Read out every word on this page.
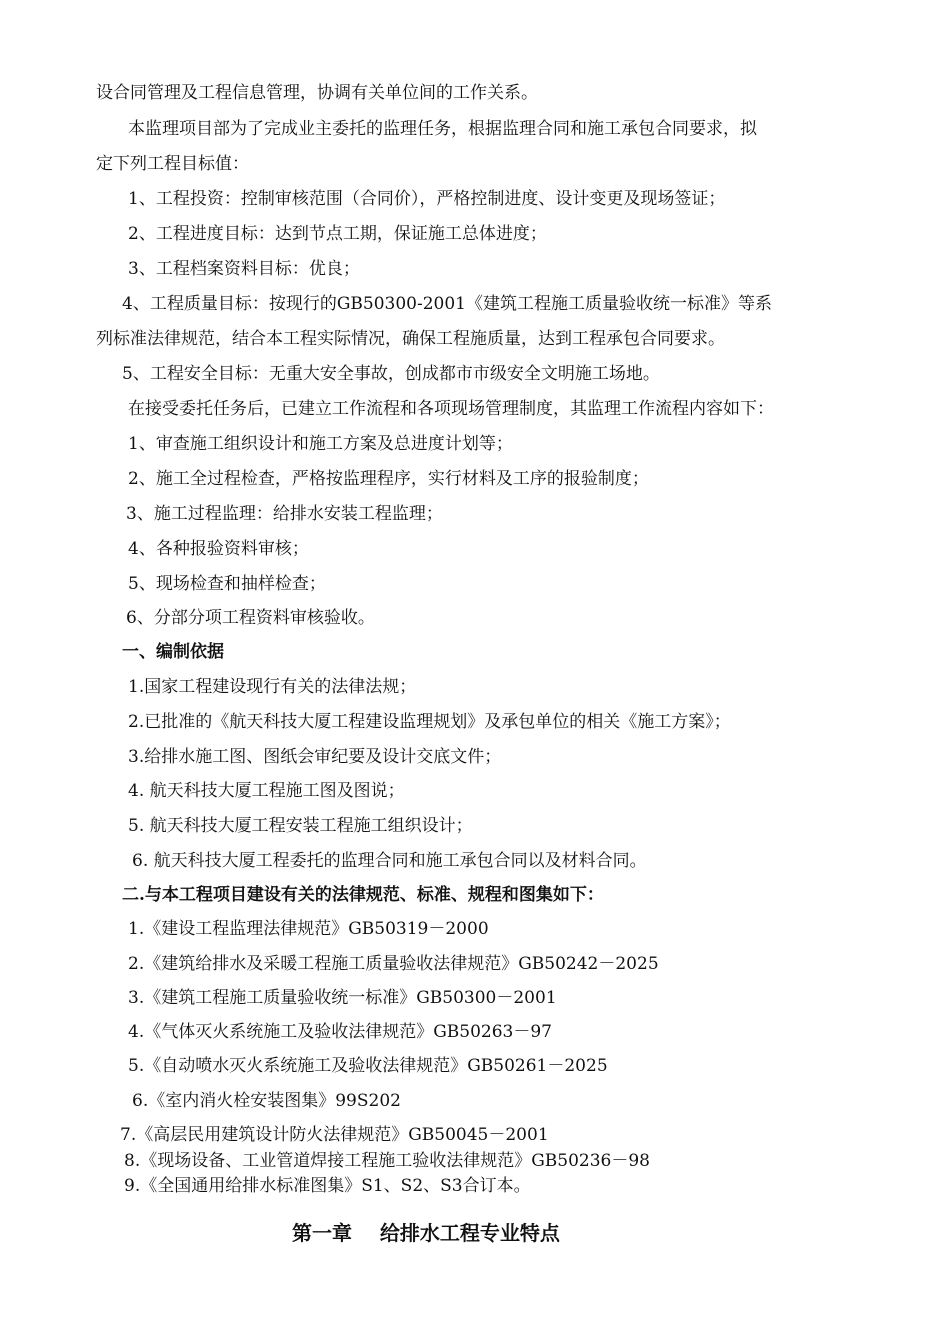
设合同管理及工程信息管理，协调有关单位间的工作关系。
本监理项目部为了完成业主委托的监理任务，根据监理合同和施工承包合同要求，拟
定下列工程目标值：
1、工程投资：控制审核范围（合同价），严格控制进度、设计变更及现场签证；
2、工程进度目标：达到节点工期，保证施工总体进度；
3、工程档案资料目标：优良；
4、工程质量目标：按现行的GB50300-2001《建筑工程施工质量验收统一标准》等系
列标准法律规范，结合本工程实际情况，确保工程施质量，达到工程承包合同要求。
5、工程安全目标：无重大安全事故，创成都市市级安全文明施工场地。
在接受委托任务后，已建立工作流程和各项现场管理制度，其监理工作流程内容如下：
1、审查施工组织设计和施工方案及总进度计划等；
2、施工全过程检查，严格按监理程序，实行材料及工序的报验制度；
3、施工过程监理：给排水安装工程监理；
4、各种报验资料审核；
5、现场检查和抽样检查；
6、分部分项工程资料审核验收。
一、编制依据
1.国家工程建设现行有关的法律法规；
2.已批准的《航天科技大厦工程建设监理规划》及承包单位的相关《施工方案》；
3.给排水施工图、图纸会审纪要及设计交底文件；
4. 航天科技大厦工程施工图及图说；
5. 航天科技大厦工程安装工程施工组织设计；
6. 航天科技大厦工程委托的监理合同和施工承包合同以及材料合同。
二.与本工程项目建设有关的法律规范、标准、规程和图集如下：
1.《建设工程监理法律规范》GB50319－2000
2.《建筑给排水及采暖工程施工质量验收法律规范》GB50242－2025
3.《建筑工程施工质量验收统一标准》GB50300－2001
4.《气体灭火系统施工及验收法律规范》GB50263－97
5.《自动喷水灭火系统施工及验收法律规范》GB50261－2025
6.《室内消火栓安装图集》99S202
7.《高层民用建筑设计防火法律规范》GB50045－2001
8.《现场设备、工业管道焊接工程施工验收法律规范》GB50236－98
9.《全国通用给排水标准图集》S1、S2、S3合订本。
第一章    给排水工程专业特点
